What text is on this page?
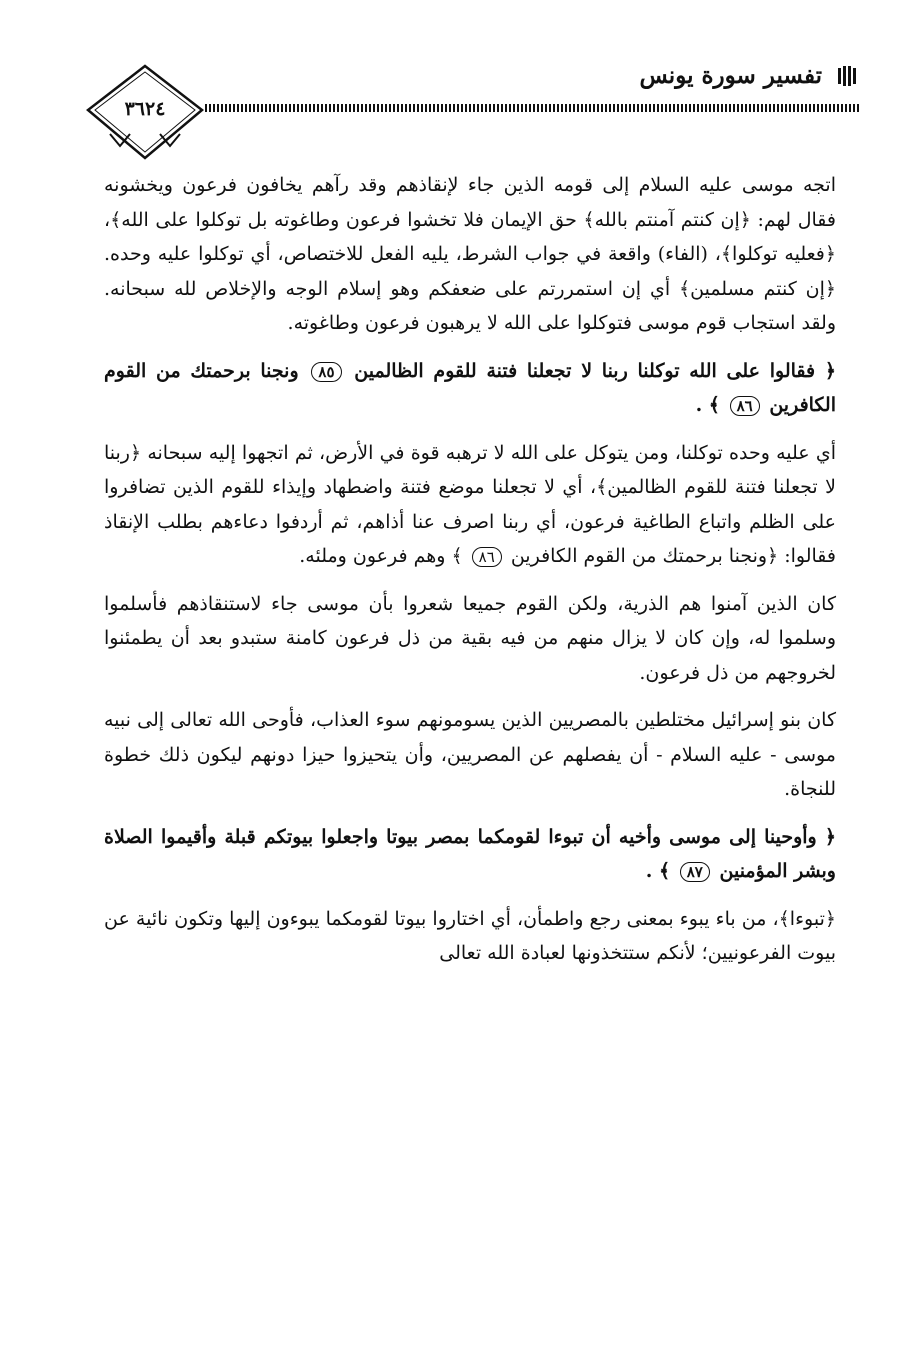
تفسير سورة يونس
٣٦٢٤

اتجه موسى عليه السلام إلى قومه الذين جاء لإنقاذهم وقد رآهم يخافون فرعون ويخشونه فقال لهم: ﴿إن كنتم آمنتم بالله﴾ حق الإيمان فلا تخشوا فرعون وطاغوته بل توكلوا على الله﴾، ﴿فعليه توكلوا﴾، (الفاء) واقعة في جواب الشرط، يليه الفعل للاختصاص، أي توكلوا عليه وحده. ﴿إن كنتم مسلمين﴾ أي إن استمررتم على ضعفكم وهو إسلام الوجه والإخلاص لله سبحانه. ولقد استجاب قوم موسى فتوكلوا على الله لا يرهبون فرعون وطاغوته.

﴿ فقالوا على الله توكلنا ربنا لا تجعلنا فتنة للقوم الظالمين ٨٥ ونجنا برحمتك من القوم الكافرين ٨٦ ﴾ .

أي عليه وحده توكلنا، ومن يتوكل على الله لا ترهبه قوة في الأرض، ثم اتجهوا إليه سبحانه ﴿ربنا لا تجعلنا فتنة للقوم الظالمين﴾، أي لا تجعلنا موضع فتنة واضطهاد وإيذاء للقوم الذين تضافروا على الظلم واتباع الطاغية فرعون، أي ربنا اصرف عنا أذاهم، ثم أردفوا دعاءهم بطلب الإنقاذ فقالوا: ﴿ونجنا برحمتك من القوم الكافرين ٨٦ ﴾ وهم فرعون وملئه.

كان الذين آمنوا هم الذرية، ولكن القوم جميعا شعروا بأن موسى جاء لاستنقاذهم فأسلموا وسلموا له، وإن كان لا يزال منهم من فيه بقية من ذل فرعون كامنة ستبدو بعد أن يطمئنوا لخروجهم من ذل فرعون.

كان بنو إسرائيل مختلطين بالمصريين الذين يسومونهم سوء العذاب، فأوحى الله تعالى إلى نبيه موسى - عليه السلام - أن يفصلهم عن المصريين، وأن يتحيزوا حيزا دونهم ليكون ذلك خطوة للنجاة.

﴿ وأوحينا إلى موسى وأخيه أن تبوءا لقومكما بمصر بيوتا واجعلوا بيوتكم قبلة وأقيموا الصلاة وبشر المؤمنين ٨٧ ﴾ .

﴿تبوءا﴾، من باء يبوء بمعنى رجع واطمأن، أي اختاروا بيوتا لقومكما يبوءون إليها وتكون نائية عن بيوت الفرعونيين؛ لأنكم ستتخذونها لعبادة الله تعالى
